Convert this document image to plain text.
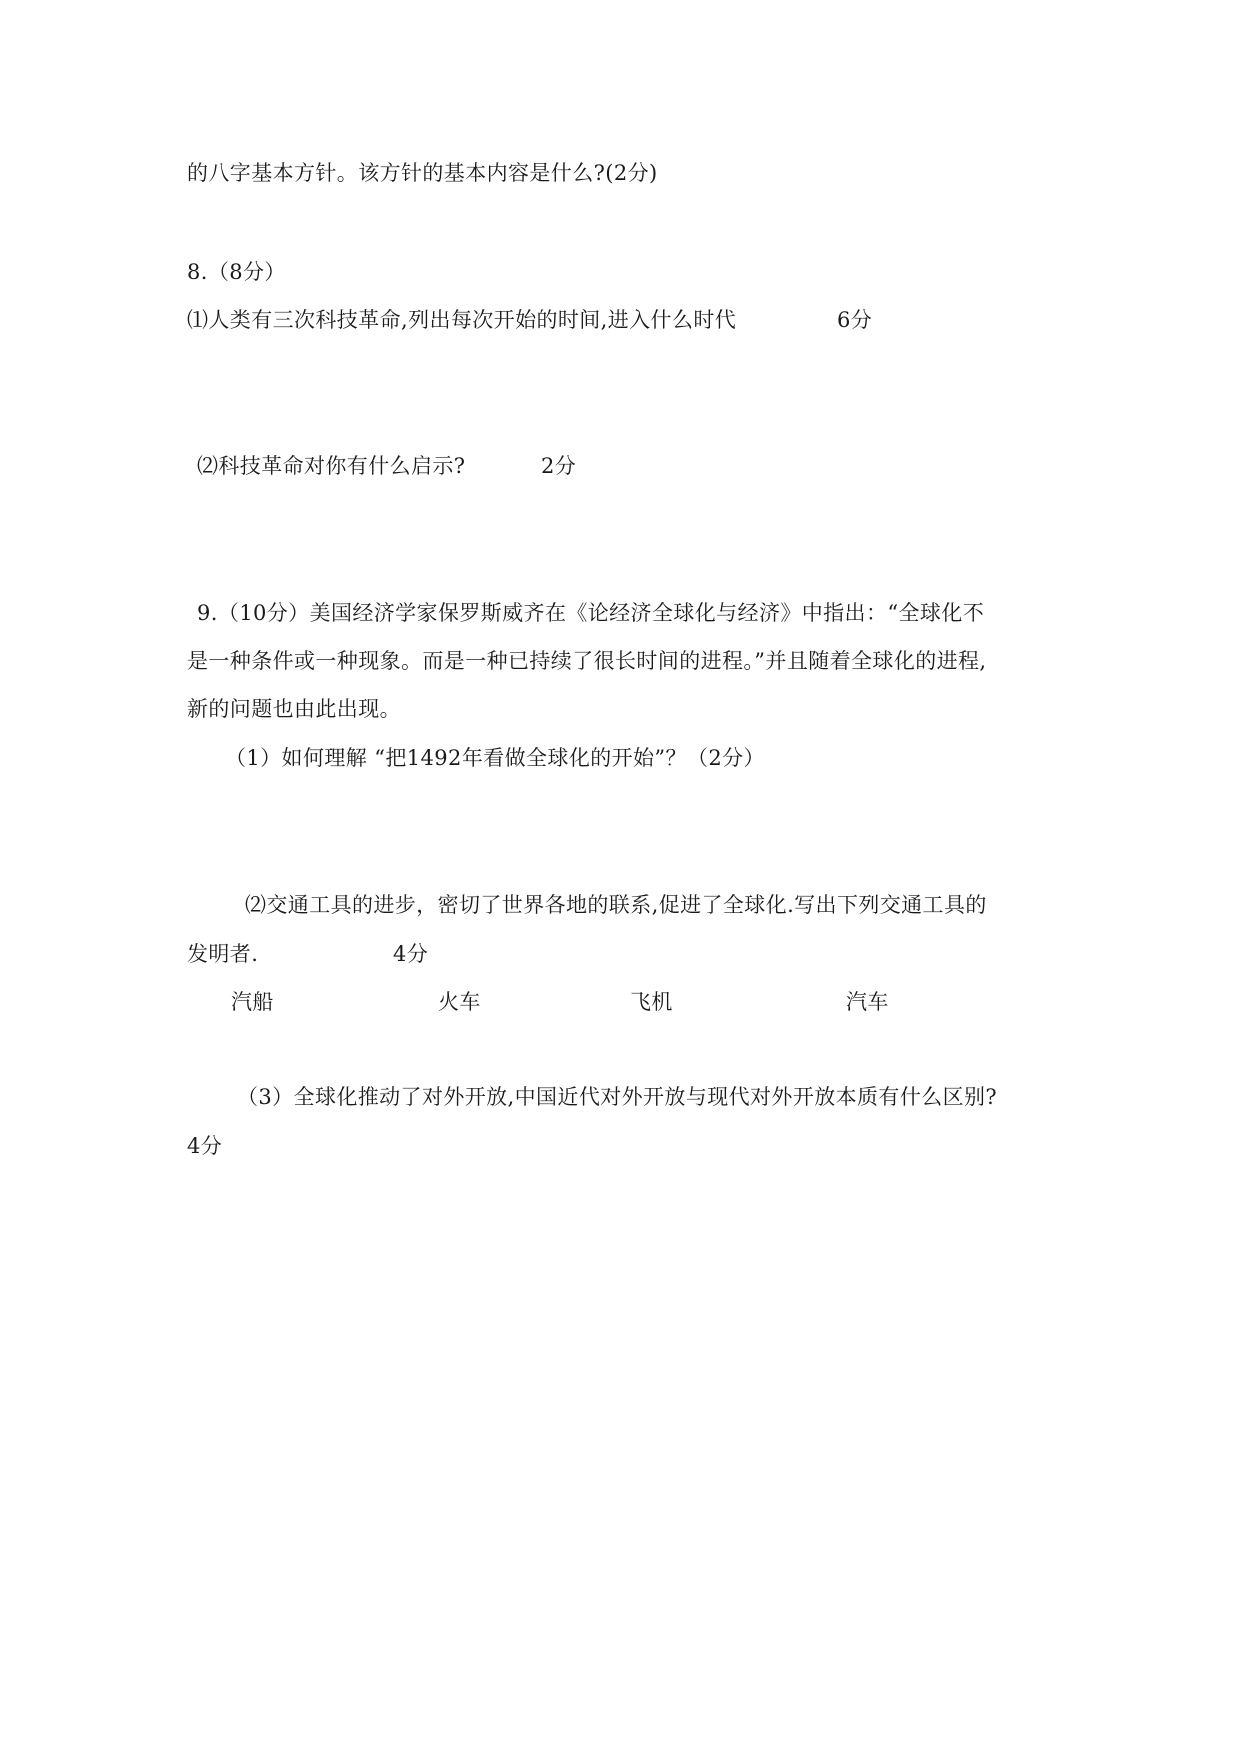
的八字基本方针。该方针的基本内容是什么?(2分)
8.（8分）
⑴人类有三次科技革命,列出每次开始的时间,进入什么时代	6分
⑵科技革命对你有什么启示?	2分
9.（10分）美国经济学家保罗斯威齐在《论经济全球化与经济》中指出：“全球化不
是一种条件或一种现象。而是一种已持续了很长时间的进程。”并且随着全球化的进程,
新的问题也由此出现。
（1）如何理解 “把1492年看做全球化的开始”？（2分）
⑵交通工具的进步，密切了世界各地的联系,促进了全球化.写出下列交通工具的
发明者.	4分
汽船	火车	飞机	汽车
（3）全球化推动了对外开放,中国近代对外开放与现代对外开放本质有什么区别?
4分
